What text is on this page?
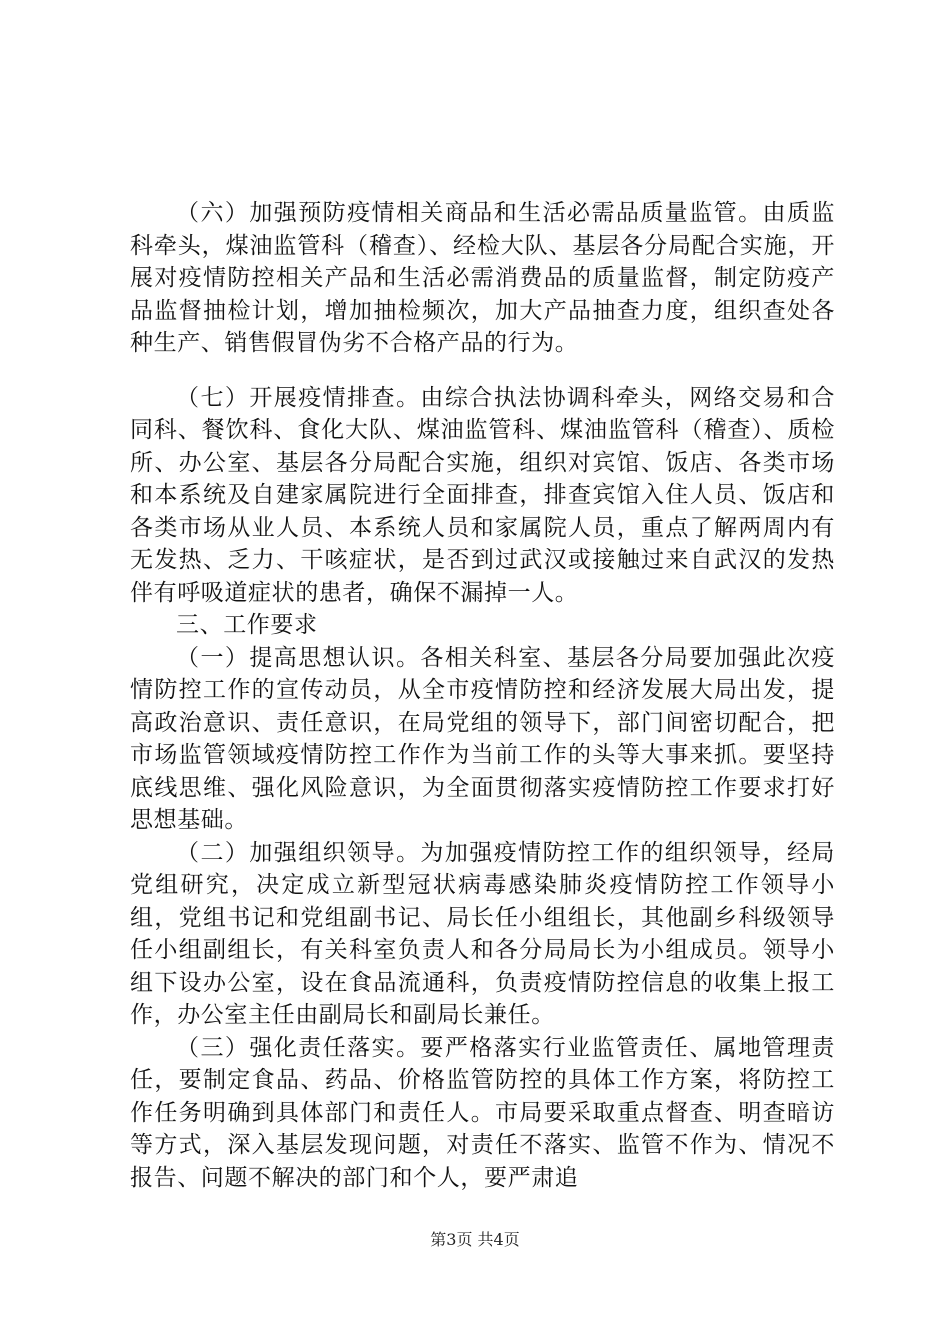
（六）加强预防疫情相关商品和生活必需品质量监管。由质监科牵头，煤油监管科（稽查）、经检大队、基层各分局配合实施，开展对疫情防控相关产品和生活必需消费品的质量监督，制定防疫产品监督抽检计划，增加抽检频次，加大产品抽查力度，组织查处各种生产、销售假冒伪劣不合格产品的行为。

（七）开展疫情排查。由综合执法协调科牵头，网络交易和合同科、餐饮科、食化大队、煤油监管科、煤油监管科（稽查）、质检所、办公室、基层各分局配合实施，组织对宾馆、饭店、各类市场和本系统及自建家属院进行全面排查，排查宾馆入住人员、饭店和各类市场从业人员、本系统人员和家属院人员，重点了解两周内有无发热、乏力、干咳症状，是否到过武汉或接触过来自武汉的发热伴有呼吸道症状的患者，确保不漏掉一人。

三、工作要求

（一）提高思想认识。各相关科室、基层各分局要加强此次疫情防控工作的宣传动员，从全市疫情防控和经济发展大局出发，提高政治意识、责任意识，在局党组的领导下，部门间密切配合，把市场监管领域疫情防控工作作为当前工作的头等大事来抓。要坚持底线思维、强化风险意识，为全面贯彻落实疫情防控工作要求打好思想基础。

（二）加强组织领导。为加强疫情防控工作的组织领导，经局党组研究，决定成立新型冠状病毒感染肺炎疫情防控工作领导小组，党组书记和党组副书记、局长任小组组长，其他副乡科级领导任小组副组长，有关科室负责人和各分局局长为小组成员。领导小组下设办公室，设在食品流通科，负责疫情防控信息的收集上报工作，办公室主任由副局长和副局长兼任。

（三）强化责任落实。要严格落实行业监管责任、属地管理责任，要制定食品、药品、价格监管防控的具体工作方案，将防控工作任务明确到具体部门和责任人。市局要采取重点督查、明查暗访等方式，深入基层发现问题，对责任不落实、监管不作为、情况不报告、问题不解决的部门和个人，要严肃追

第3页 共4页
